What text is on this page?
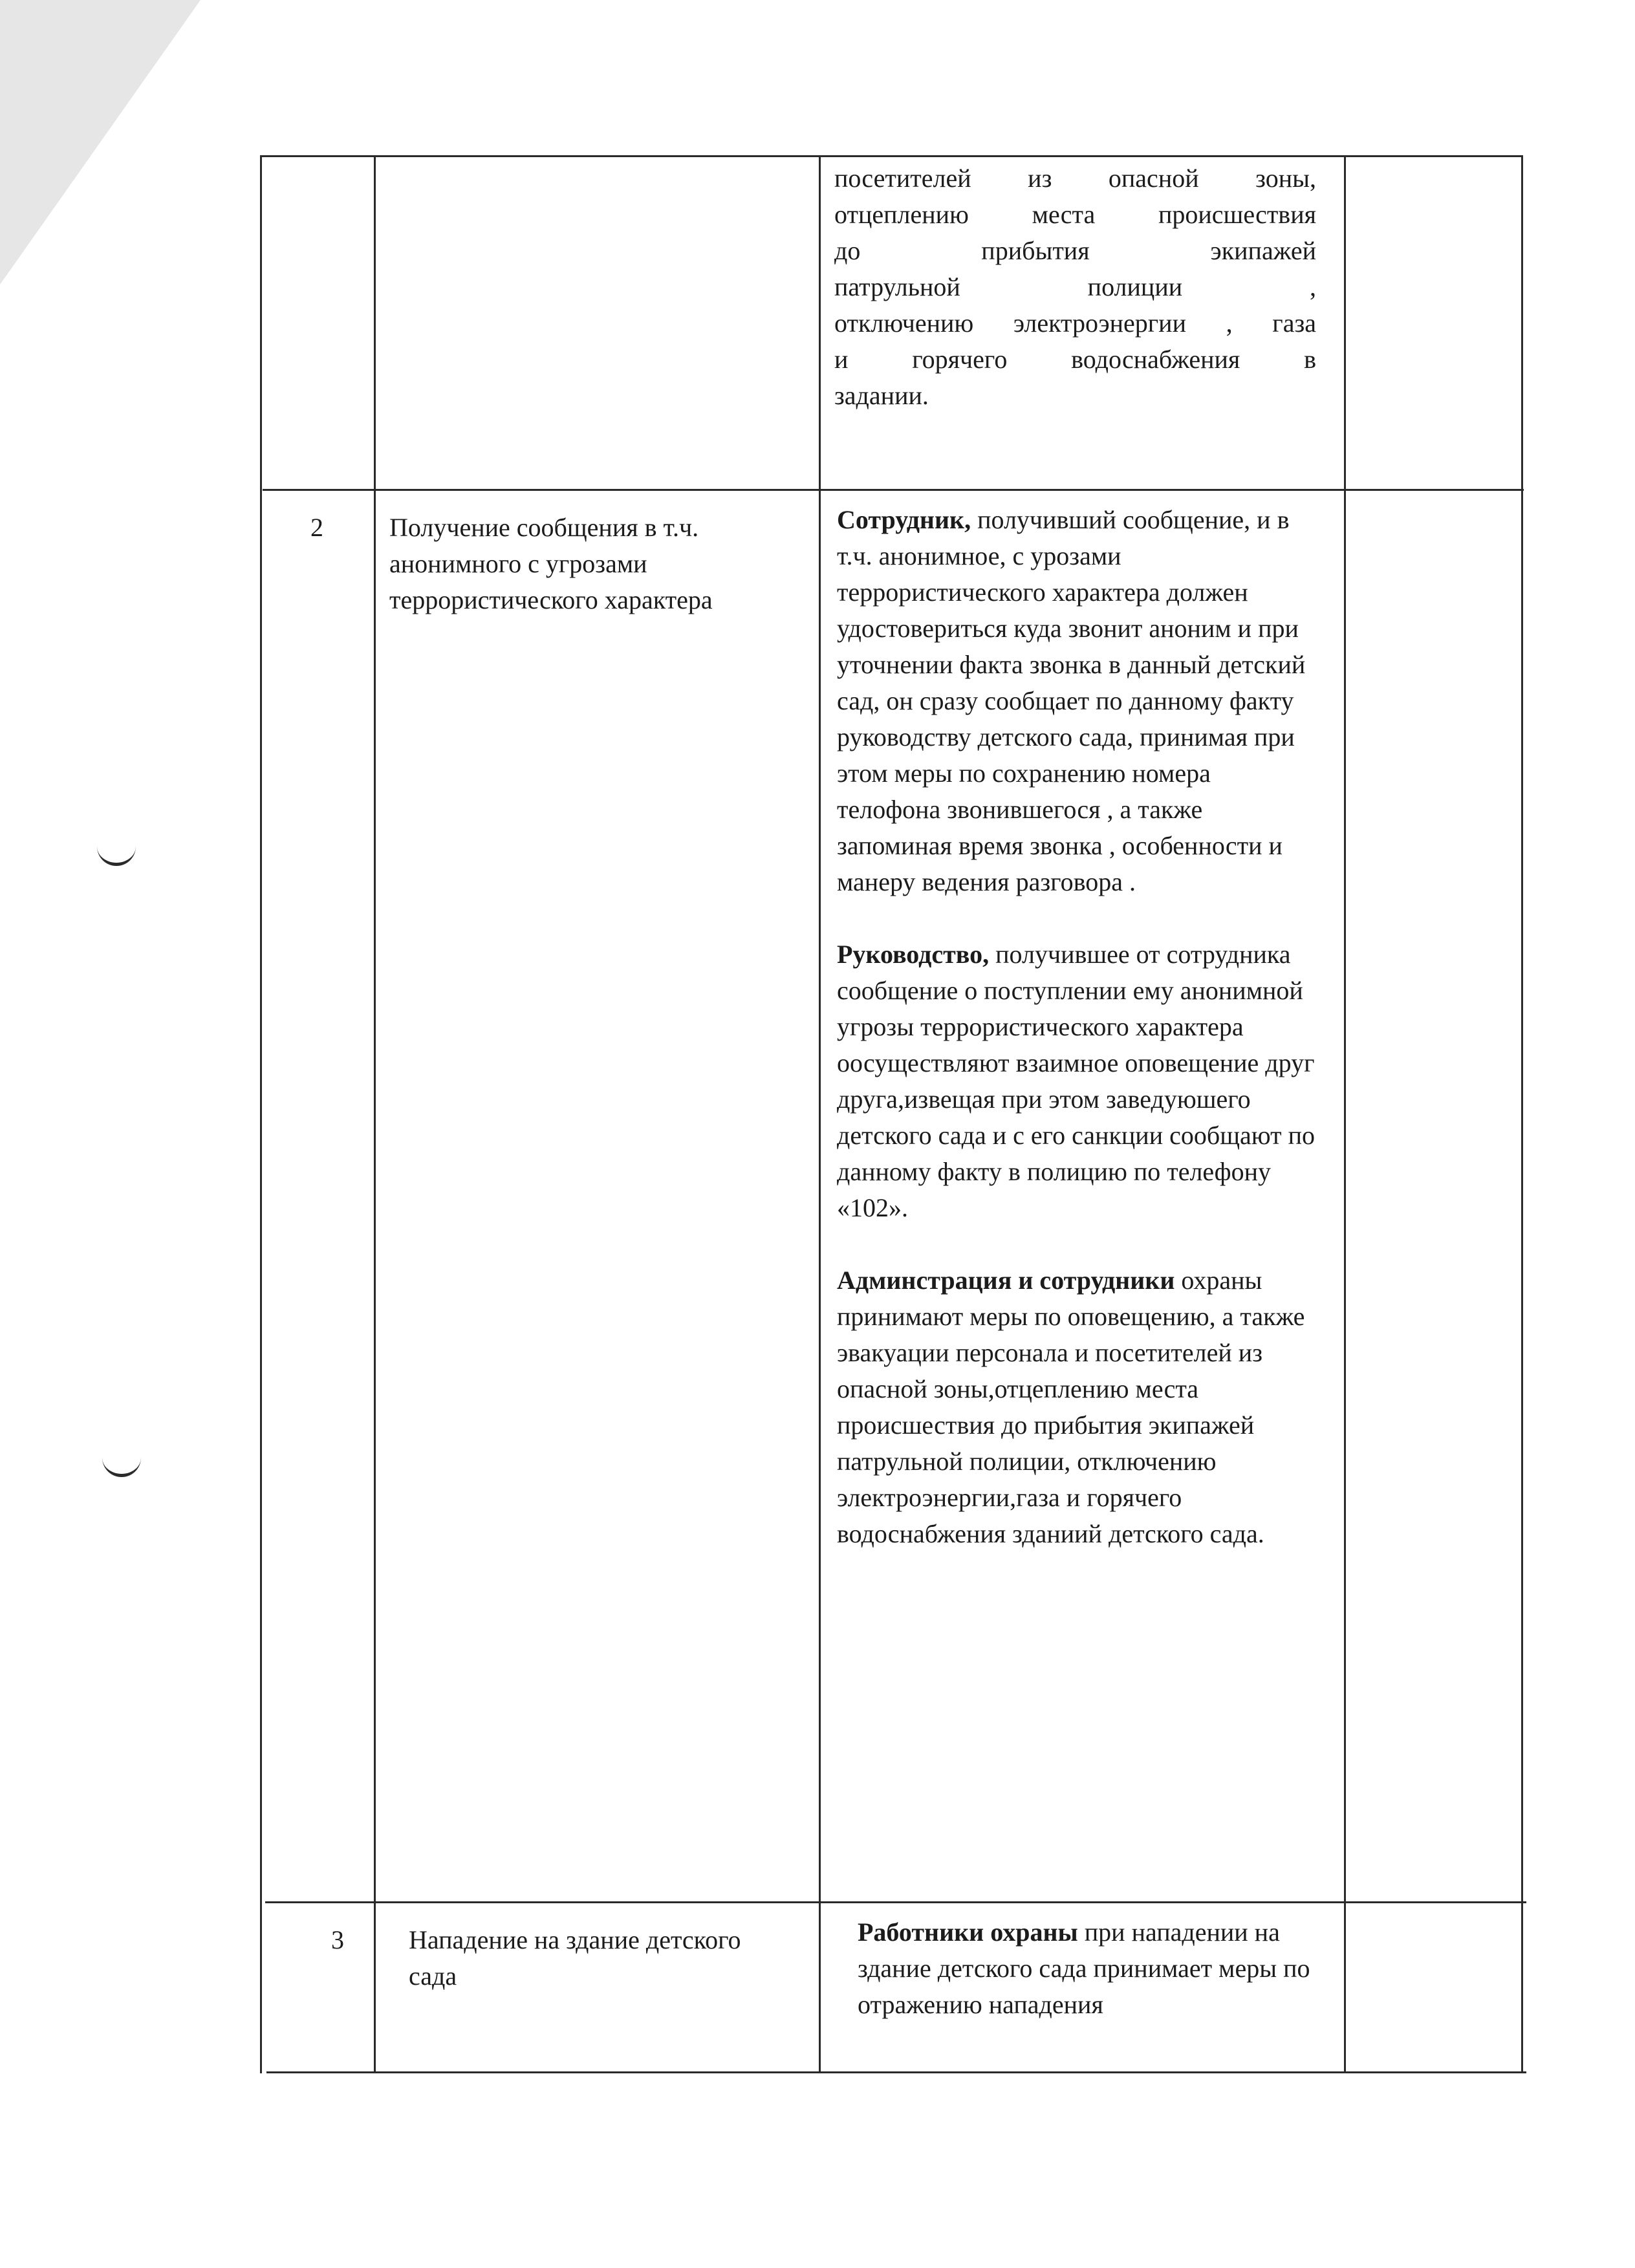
посетителей из опасной зоны,
отцеплению места происшествия
до прибытия экипажей
патрульной полиции ,
отключению электроэнергии , газа
и горячего водоснабжения в
задании.
2	Получение сообщения в т.ч. анонимного с угрозами террористического характера
Сотрудник, получивший сообщение, и в т.ч. анонимное, с урозами террористического характера должен удостовериться куда звонит аноним и при уточнении факта звонка в данный детский сад, он сразу сообщает по данному факту руководству детского сада, принимая при этом меры по сохранению номера телофона звонившегося , а также запоминая время звонка , особенности и манеру ведения разговора .
Руководство, получившее от сотрудника сообщение о поступлении ему анонимной угрозы террористического характера оосуществляют взаимное оповещение друг друга,извещая при этом заведуюшего детского сада и с его санкции сообщают по данному факту в полицию по телефону «102».
Админстрация и сотрудники охраны принимают меры по оповещению, а также эвакуации персонала и посетителей из опасной зоны,отцеплению места происшествия до прибытия экипажей патрульной полиции, отключению электроэнергии,газа и горячего водоснабжения зданиий детского сада.
3	Нападение на здание детского сада
Работники охраны при нападении на здание детского сада принимает меры по отражению нападения
